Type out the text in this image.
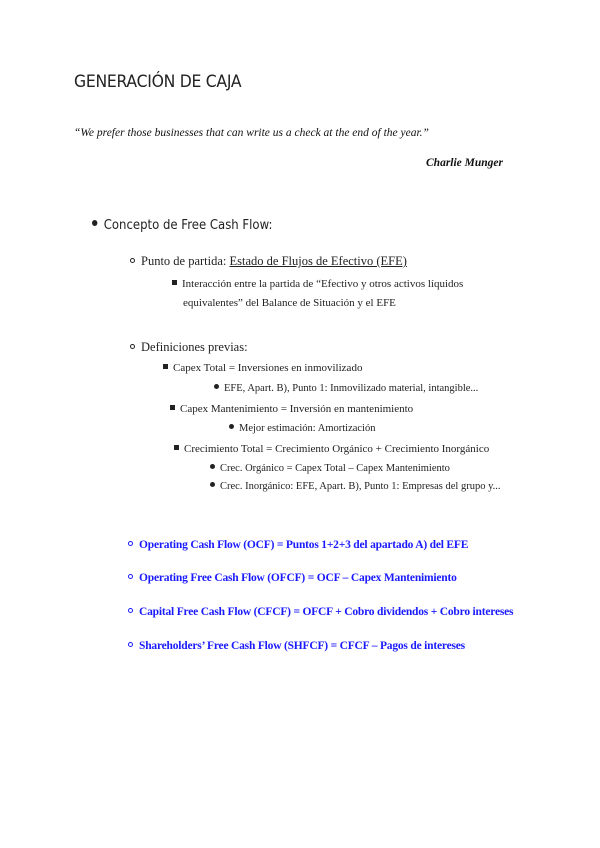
GENERACIÓN DE CAJA
“We prefer those businesses that can write us a check at the end of the year.”
Charlie Munger
Concepto de Free Cash Flow:
Punto de partida: Estado de Flujos de Efectivo (EFE)
Interacción entre la partida de “Efectivo y otros activos líquidos
equivalentes” del Balance de Situación y el EFE
Definiciones previas:
Capex Total = Inversiones en inmovilizado
EFE, Apart. B), Punto 1: Inmovilizado material, intangible...
Capex Mantenimiento = Inversión en mantenimiento
Mejor estimación: Amortización
Crecimiento Total = Crecimiento Orgánico + Crecimiento Inorgánico
Crec. Orgánico = Capex Total – Capex Mantenimiento
Crec. Inorgánico: EFE, Apart. B), Punto 1: Empresas del grupo y...
Operating Cash Flow (OCF) = Puntos 1+2+3 del apartado A) del EFE
Operating Free Cash Flow (OFCF) = OCF – Capex Mantenimiento
Capital Free Cash Flow (CFCF) = OFCF + Cobro dividendos + Cobro intereses
Shareholders’ Free Cash Flow (SHFCF) = CFCF – Pagos de intereses
